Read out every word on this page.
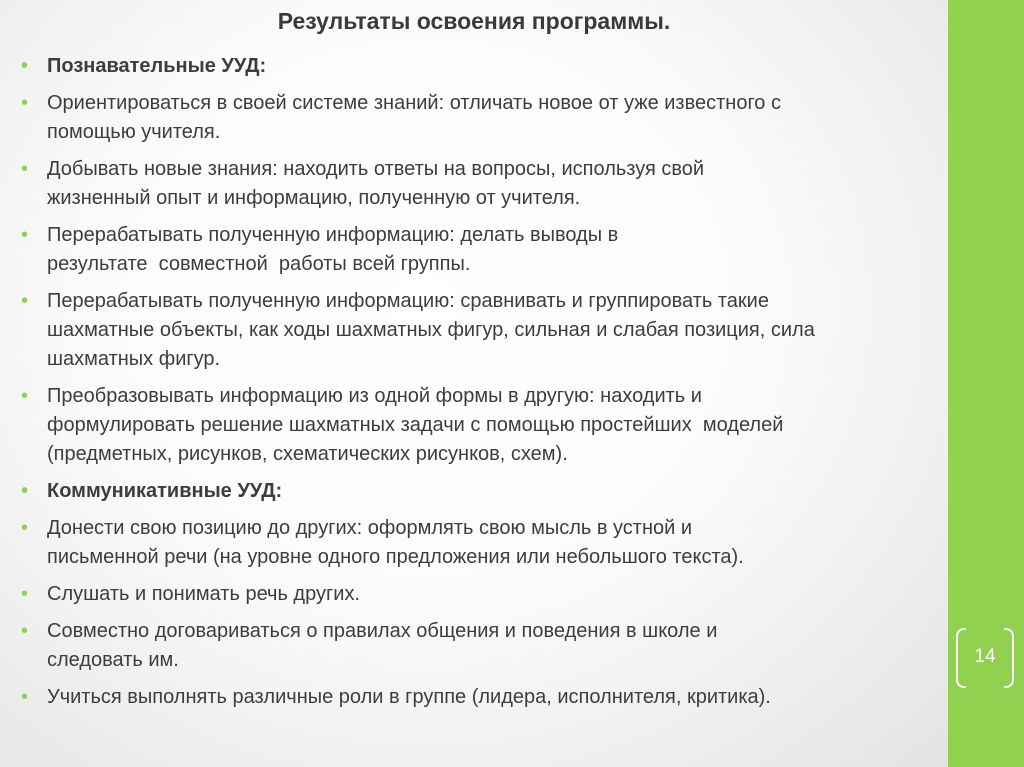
14
Результаты освоения программы.
• Познавательные УУД:
• Ориентироваться в своей системе знаний: отличать новое от уже известного с
помощью учителя.
• Добывать новые знания: находить ответы на вопросы, используя свой
жизненный опыт и информацию, полученную от учителя.
• Перерабатывать полученную информацию: делать выводы в
результате  совместной  работы всей группы.
• Перерабатывать полученную информацию: сравнивать и группировать такие
шахматные объекты, как ходы шахматных фигур, сильная и слабая позиция, сила
шахматных фигур.
• Преобразовывать информацию из одной формы в другую: находить и
формулировать решение шахматных задачи с помощью простейших  моделей
(предметных, рисунков, схематических рисунков, схем).
• Коммуникативные УУД:
• Донести свою позицию до других: оформлять свою мысль в устной и
письменной речи (на уровне одного предложения или небольшого текста).
• Слушать и понимать речь других.
• Совместно договариваться о правилах общения и поведения в школе и
следовать им.
• Учиться выполнять различные роли в группе (лидера, исполнителя, критика).
